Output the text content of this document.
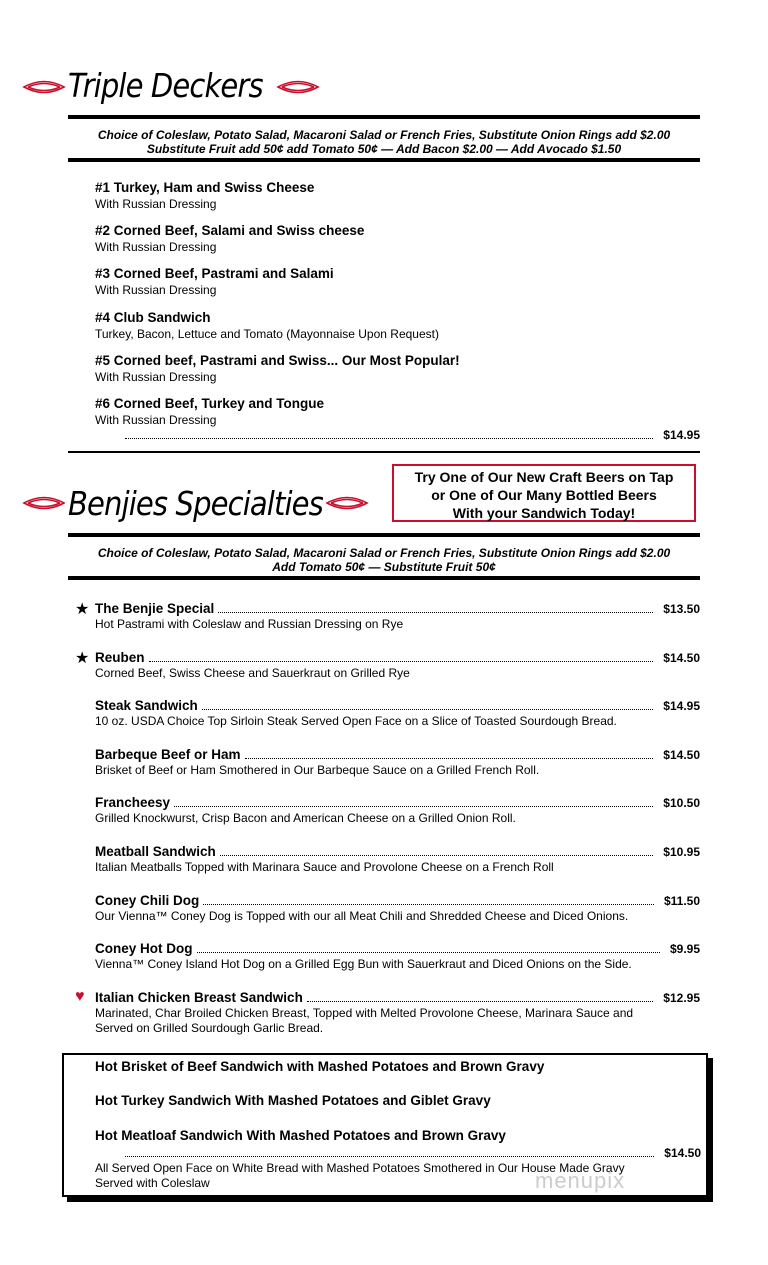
Triple Deckers
Choice of Coleslaw, Potato Salad, Macaroni Salad or French Fries, Substitute Onion Rings add $2.00
Substitute Fruit add 50¢ add Tomato 50¢ — Add Bacon $2.00 — Add Avocado $1.50
$14.95
Benjies Specialties
Try One of Our New Craft Beers on Tap
or One of Our Many Bottled Beers
With your Sandwich Today!
Choice of Coleslaw, Potato Salad, Macaroni Salad or French Fries, Substitute Onion Rings add $2.00
Add Tomato 50¢ — Substitute Fruit 50¢
Hot Brisket of Beef Sandwich with Mashed Potatoes and Brown Gravy
Hot Turkey Sandwich With Mashed Potatoes and Giblet Gravy
Hot Meatloaf Sandwich With Mashed Potatoes and Brown Gravy
$14.50
All Served Open Face on White Bread with Mashed Potatoes Smothered in Our House Made Gravy
Served with Coleslaw	menupix
#1 Turkey, Ham and Swiss Cheese
With Russian Dressing
#2 Corned Beef, Salami and Swiss cheese
With Russian Dressing
#3 Corned Beef, Pastrami and Salami
With Russian Dressing
#4 Club Sandwich
Turkey, Bacon, Lettuce and Tomato (Mayonnaise Upon Request)
#5 Corned beef, Pastrami and Swiss... Our Most Popular!
With Russian Dressing
#6 Corned Beef, Turkey and Tongue
With Russian Dressing
★ The Benjie Special	$13.50
Hot Pastrami with Coleslaw and Russian Dressing on Rye
★ Reuben	$14.50
Corned Beef, Swiss Cheese and Sauerkraut on Grilled Rye
Steak Sandwich	$14.95
10 oz. USDA Choice Top Sirloin Steak Served Open Face on a Slice of Toasted Sourdough Bread.
Barbeque Beef or Ham	$14.50
Brisket of Beef or Ham Smothered in Our Barbeque Sauce on a Grilled French Roll.
Francheesy	$10.50
Grilled Knockwurst, Crisp Bacon and American Cheese on a Grilled Onion Roll.
Meatball Sandwich	$10.95
Italian Meatballs Topped with Marinara Sauce and Provolone Cheese on a French Roll
Coney Chili Dog	$11.50
Our Vienna™ Coney Dog is Topped with our all Meat Chili and Shredded Cheese and Diced Onions.
Coney Hot Dog	$9.95
Vienna™ Coney Island Hot Dog on a Grilled Egg Bun with Sauerkraut and Diced Onions on the Side.
♥ Italian Chicken Breast Sandwich	$12.95
Marinated, Char Broiled Chicken Breast, Topped with Melted Provolone Cheese, Marinara Sauce and Served on Grilled Sourdough Garlic Bread.
